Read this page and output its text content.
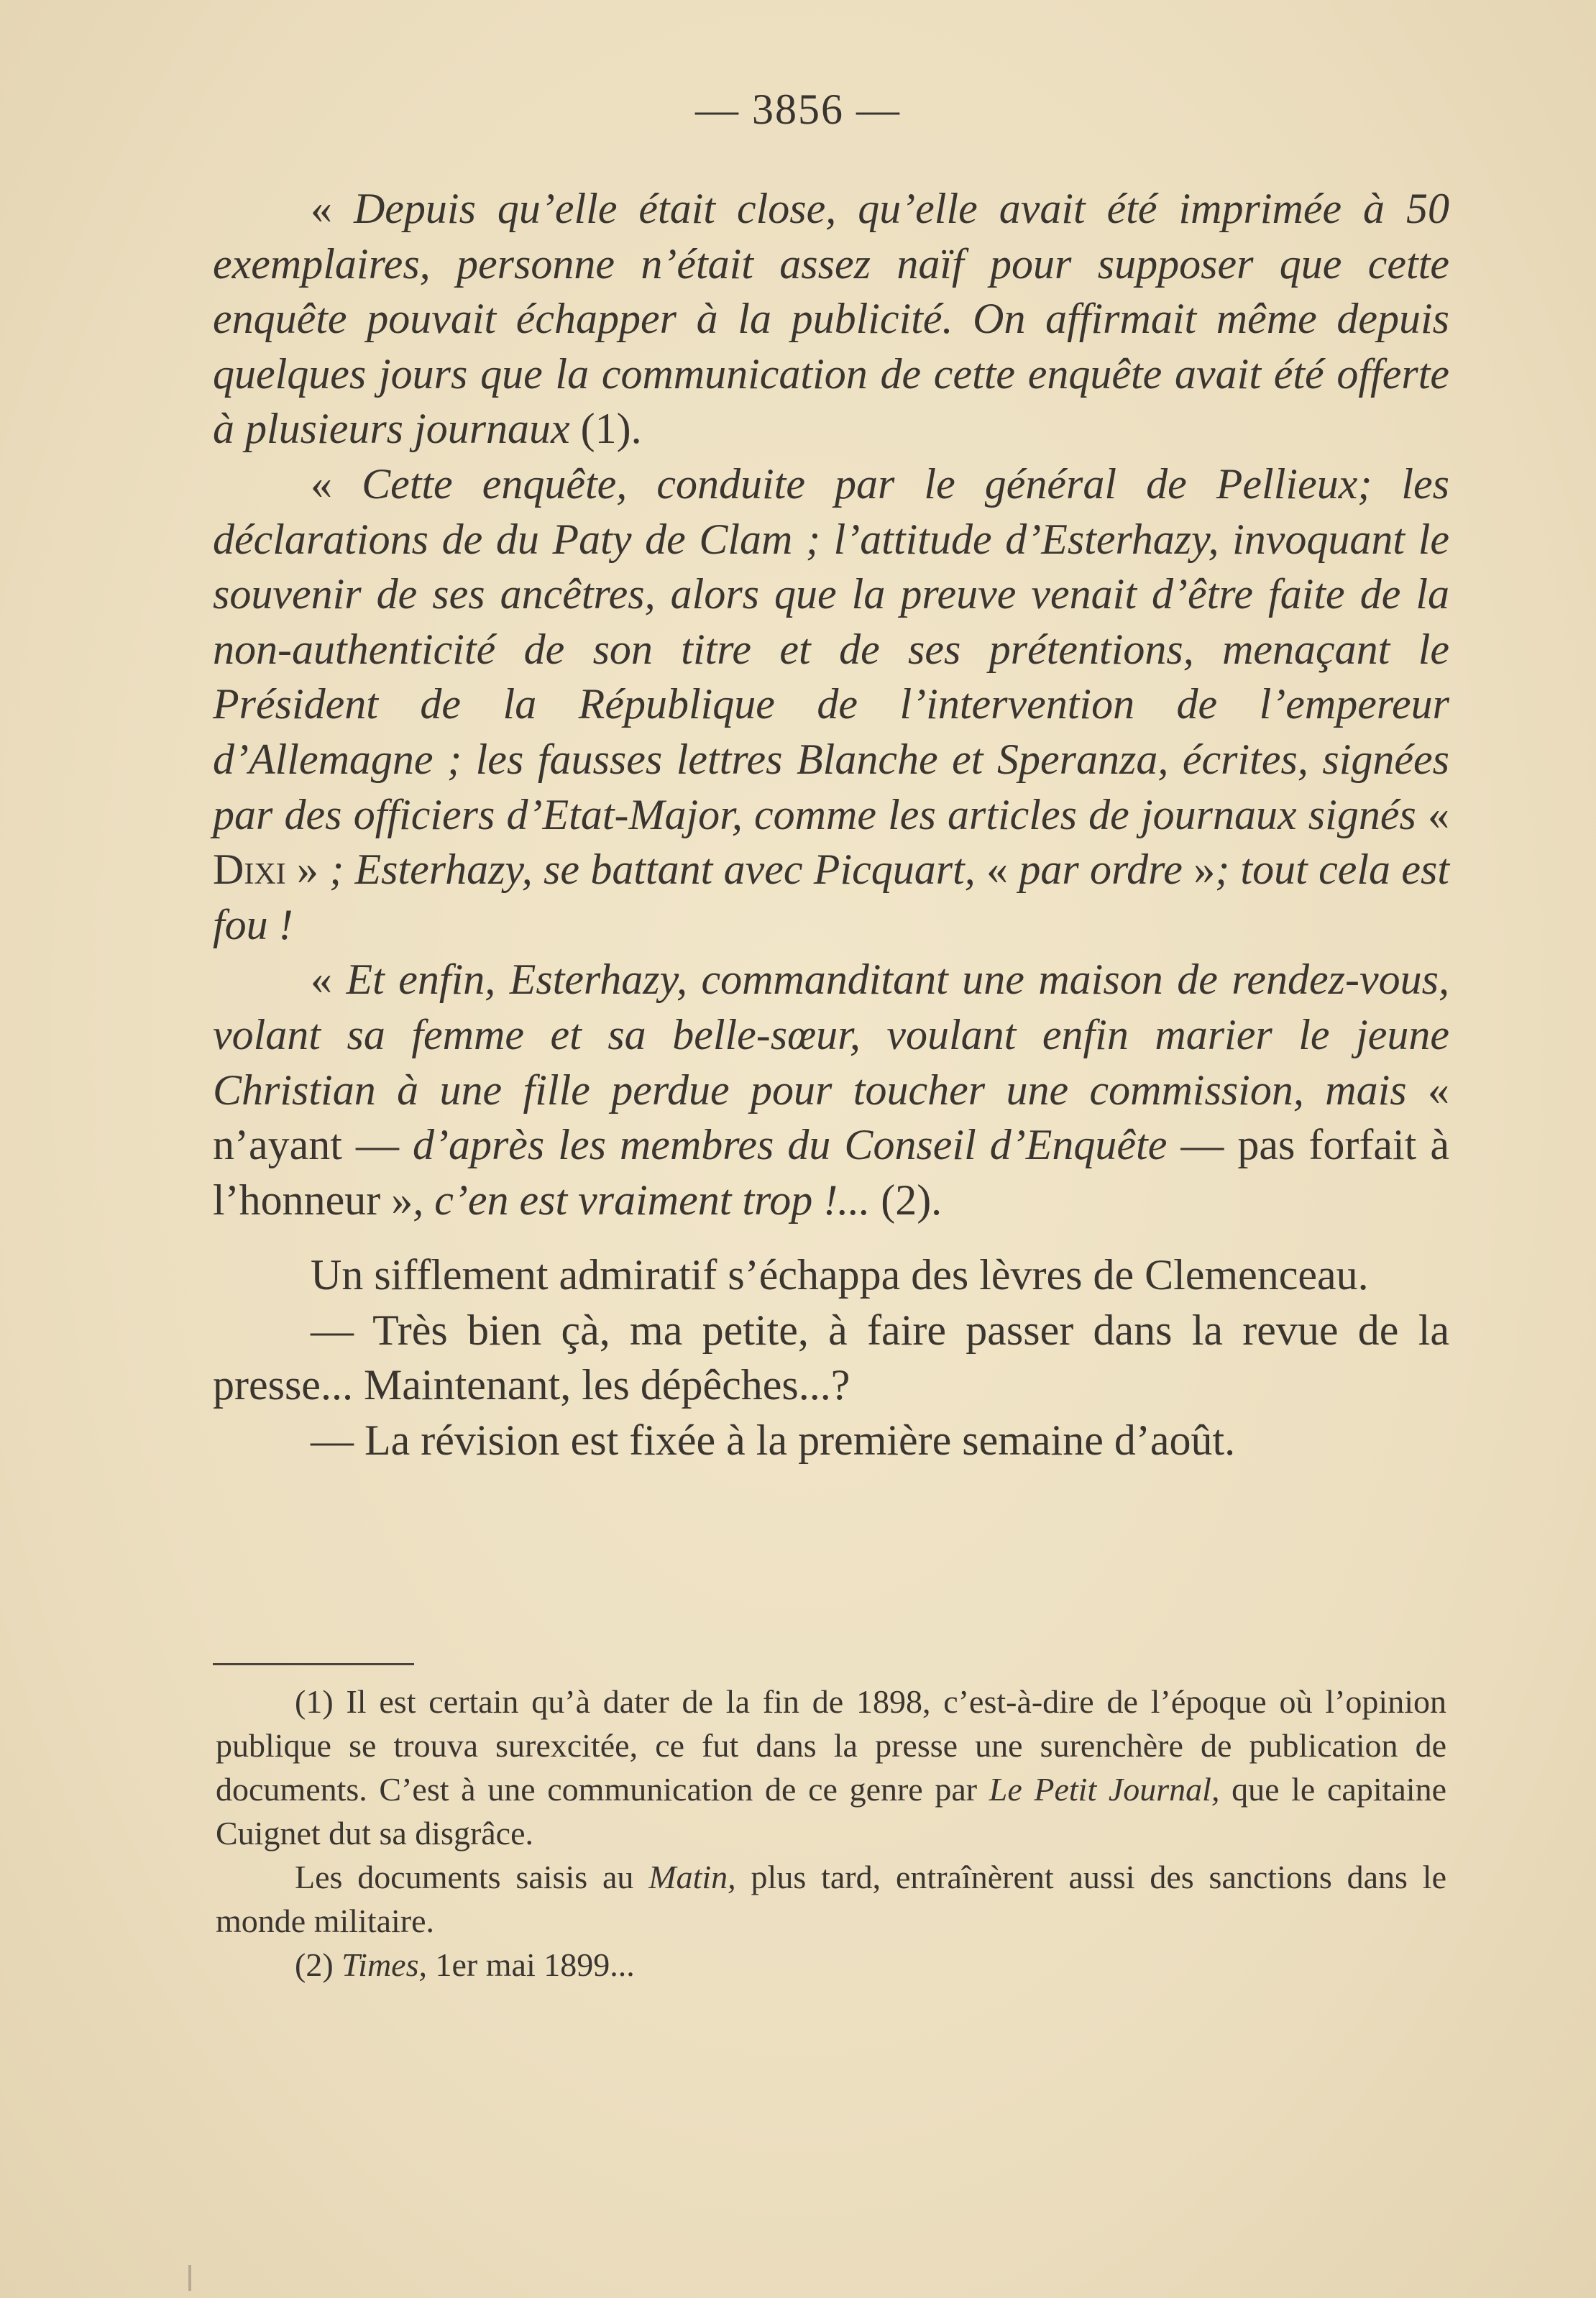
— 3856 —

« Depuis qu’elle était close, qu’elle avait été imprimée à 50 exemplaires, personne n’était assez naïf pour supposer que cette enquête pouvait échapper à la publicité. On affirmait même depuis quelques jours que la communication de cette enquête avait été offerte à plusieurs journaux (1).

« Cette enquête, conduite par le général de Pellieux; les déclarations de du Paty de Clam ; l’attitude d’Esterhazy, invoquant le souvenir de ses ancêtres, alors que la preuve venait d’être faite de la non-authenticité de son titre et de ses prétentions, menaçant le Président de la République de l’intervention de l’empereur d’Allemagne ; les fausses lettres Blanche et Speranza, écrites, signées par des officiers d’Etat-Major, comme les articles de journaux signés « Dixi » ; Esterhazy, se battant avec Picquart, « par ordre »; tout cela est fou !

« Et enfin, Esterhazy, commanditant une maison de rendez-vous, volant sa femme et sa belle-sœur, voulant enfin marier le jeune Christian à une fille perdue pour toucher une commission, mais « n’ayant — d’après les membres du Conseil d’Enquête — pas forfait à l’honneur », c’en est vraiment trop !... (2).

Un sifflement admiratif s’échappa des lèvres de Clemenceau.

— Très bien çà, ma petite, à faire passer dans la revue de la presse... Maintenant, les dépêches...?

— La révision est fixée à la première semaine d’août.

(1) Il est certain qu’à dater de la fin de 1898, c’est-à-dire de l’époque où l’opinion publique se trouva surexcitée, ce fut dans la presse une surenchère de publication de documents. C’est à une communication de ce genre par Le Petit Journal, que le capitaine Cuignet dut sa disgrâce.

Les documents saisis au Matin, plus tard, entraînèrent aussi des sanctions dans le monde militaire.

(2) Times, 1er mai 1899...
